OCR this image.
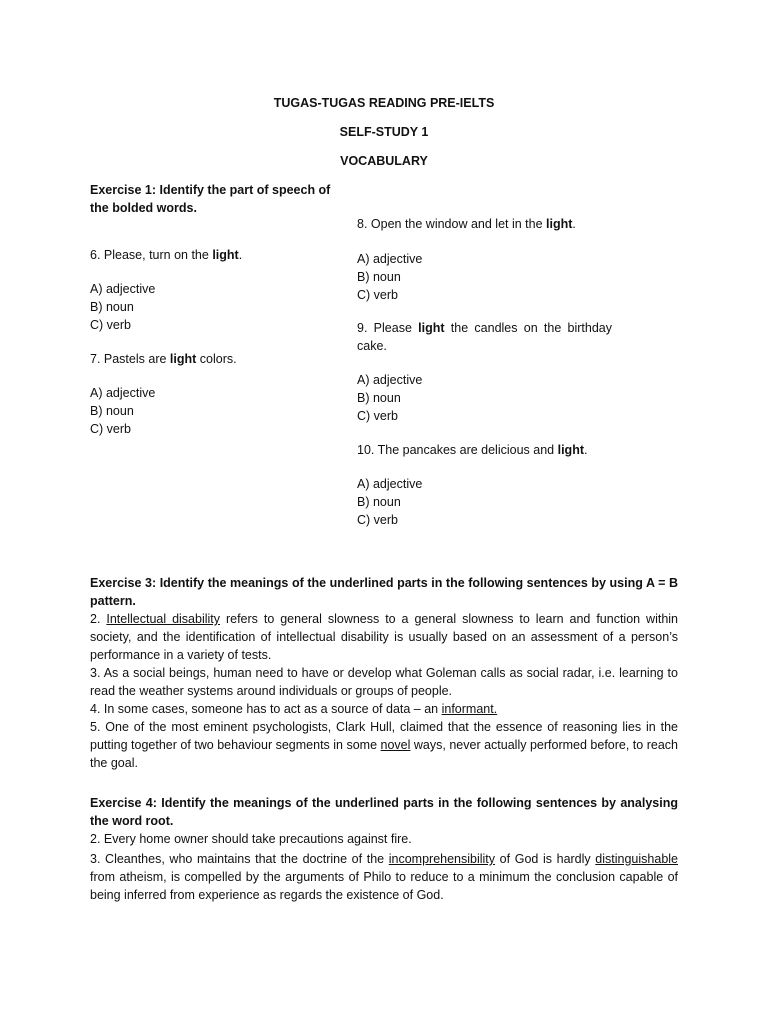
TUGAS-TUGAS READING PRE-IELTS
SELF-STUDY 1
VOCABULARY
Exercise 1: Identify the part of speech of the bolded words.

6. Please, turn on the light.

A) adjective
B) noun
C) verb

7. Pastels are light colors.

A) adjective
B) noun
C) verb

8. Open the window and let in the light.

A) adjective
B) noun
C) verb

9. Please light the candles on the birthday cake.

A) adjective
B) noun
C) verb

10. The pancakes are delicious and light.

A) adjective
B) noun
C) verb

Exercise 3: Identify the meanings of the underlined parts in the following sentences by using A = B pattern.

2. Intellectual disability refers to general slowness to a general slowness to learn and function within society, and the identification of intellectual disability is usually based on an assessment of a person’s performance in a variety of tests.

3. As a social beings, human need to have or develop what Goleman calls as social radar, i.e. learning to read the weather systems around individuals or groups of people.

4. In some cases, someone has to act as a source of data – an informant.

5. One of the most eminent psychologists, Clark Hull, claimed that the essence of reasoning lies in the putting together of two behaviour segments in some novel ways, never actually performed before, to reach the goal.

Exercise 4: Identify the meanings of the underlined parts in the following sentences by analysing the word root.

2. Every home owner should take precautions against fire.

3. Cleanthes, who maintains that the doctrine of the incomprehensibility of God is hardly distinguishable from atheism, is compelled by the arguments of Philo to reduce to a minimum the conclusion capable of being inferred from experience as regards the existence of God.
